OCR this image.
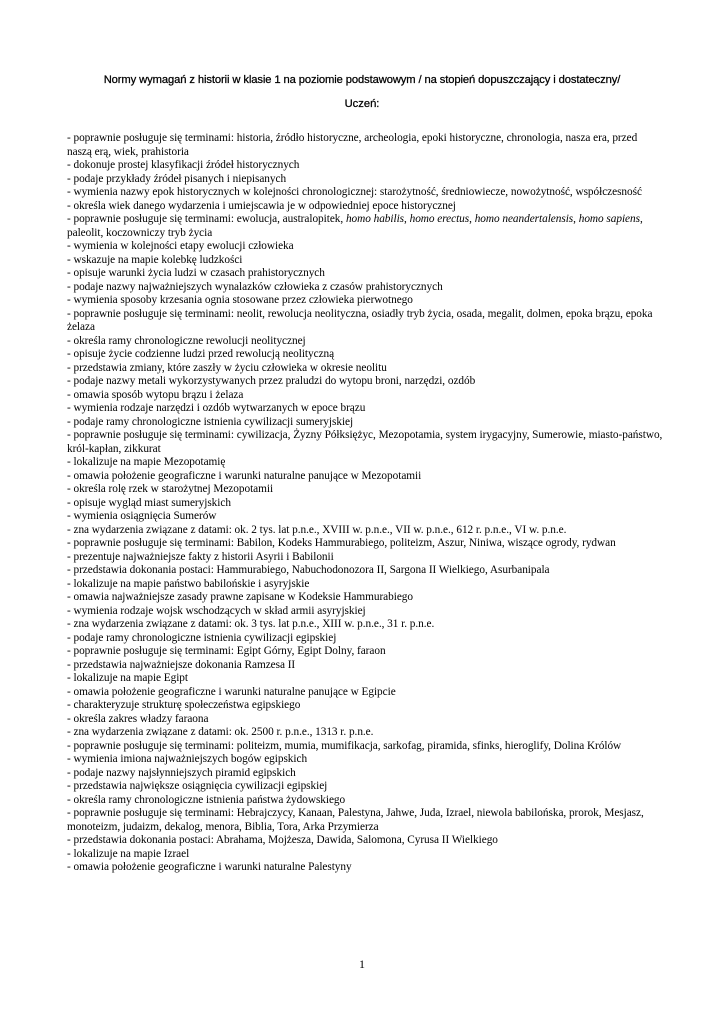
Normy wymagań z historii w klasie 1 na poziomie podstawowym / na stopień dopuszczający i dostateczny/
Uczeń:
- poprawnie posługuje się terminami: historia, źródło historyczne, archeologia, epoki historyczne, chronologia, nasza era, przed naszą erą, wiek, prahistoria
- dokonuje prostej klasyfikacji źródeł historycznych
- podaje przykłady źródeł pisanych i niepisanych
- wymienia nazwy epok historycznych w kolejności chronologicznej: starożytność, średniowiecze, nowożytność, współczesność
- określa wiek danego wydarzenia i umiejscawia je w odpowiedniej epoce historycznej
- poprawnie posługuje się terminami: ewolucja, australopitek, homo habilis, homo erectus, homo neandertalensis, homo sapiens, paleolit, koczowniczy tryb życia
- wymienia w kolejności etapy ewolucji człowieka
- wskazuje na mapie kolebkę ludzkości
- opisuje warunki życia ludzi w czasach prahistorycznych
- podaje nazwy najważniejszych wynalazków człowieka z czasów prahistorycznych
- wymienia sposoby krzesania ognia stosowane przez człowieka pierwotnego
- poprawnie posługuje się terminami: neolit, rewolucja neolityczna, osiadły tryb życia, osada, megalit, dolmen, epoka brązu, epoka żelaza
- określa ramy chronologiczne rewolucji neolitycznej
- opisuje życie codzienne ludzi przed rewolucją neolityczną
- przedstawia zmiany, które zaszły w życiu człowieka w okresie neolitu
- podaje nazwy metali wykorzystywanych przez praludzi do wytopu broni, narzędzi, ozdób
- omawia sposób wytopu brązu i żelaza
- wymienia rodzaje narzędzi i ozdób wytwarzanych w epoce brązu
- podaje ramy chronologiczne istnienia cywilizacji sumeryjskiej
- poprawnie posługuje się terminami: cywilizacja, Żyzny Półksiężyc, Mezopotamia, system irygacyjny, Sumerowie, miasto-państwo, król-kapłan, zikkurat
- lokalizuje na mapie Mezopotamię
- omawia położenie geograficzne i warunki naturalne panujące w Mezopotamii
- określa rolę rzek w starożytnej Mezopotamii
- opisuje wygląd miast sumeryjskich
- wymienia osiągnięcia Sumerów
- zna wydarzenia związane z datami: ok. 2 tys. lat p.n.e., XVIII w. p.n.e., VII w. p.n.e., 612 r. p.n.e., VI w. p.n.e.
- poprawnie posługuje się terminami: Babilon, Kodeks Hammurabiego, politeizm, Aszur, Niniwa, wiszące ogrody, rydwan
- prezentuje najważniejsze fakty z historii Asyrii i Babilonii
- przedstawia dokonania postaci: Hammurabiego, Nabuchodonozora II, Sargona II Wielkiego, Asurbanipala
- lokalizuje na mapie państwo babilońskie i asyryjskie
- omawia najważniejsze zasady prawne zapisane w Kodeksie Hammurabiego
- wymienia rodzaje wojsk wschodzących w skład armii asyryjskiej
- zna wydarzenia związane z datami: ok. 3 tys. lat p.n.e., XIII w. p.n.e., 31 r. p.n.e.
- podaje ramy chronologiczne istnienia cywilizacji egipskiej
- poprawnie posługuje się terminami: Egipt Górny, Egipt Dolny, faraon
- przedstawia najważniejsze dokonania Ramzesa II
- lokalizuje na mapie Egipt
- omawia położenie geograficzne i warunki naturalne panujące w Egipcie
- charakteryzuje strukturę społeczeństwa egipskiego
- określa zakres władzy faraona
- zna wydarzenia związane z datami: ok. 2500 r. p.n.e., 1313 r. p.n.e.
- poprawnie posługuje się terminami: politeizm, mumia, mumifikacja, sarkofag, piramida, sfinks, hieroglify, Dolina Królów
- wymienia imiona najważniejszych bogów egipskich
- podaje nazwy najsłynniejszych piramid egipskich
- przedstawia największe osiągnięcia cywilizacji egipskiej
- określa ramy chronologiczne istnienia państwa żydowskiego
- poprawnie posługuje się terminami: Hebrajczycy, Kanaan, Palestyna, Jahwe, Juda, Izrael, niewola babilońska, prorok, Mesjasz, monoteizm, judaizm, dekalog, menora, Biblia, Tora, Arka Przymierza
- przedstawia dokonania postaci: Abrahama, Mojżesza, Dawida, Salomona, Cyrusa II Wielkiego
- lokalizuje na mapie Izrael
- omawia położenie geograficzne i warunki naturalne Palestyny
1
